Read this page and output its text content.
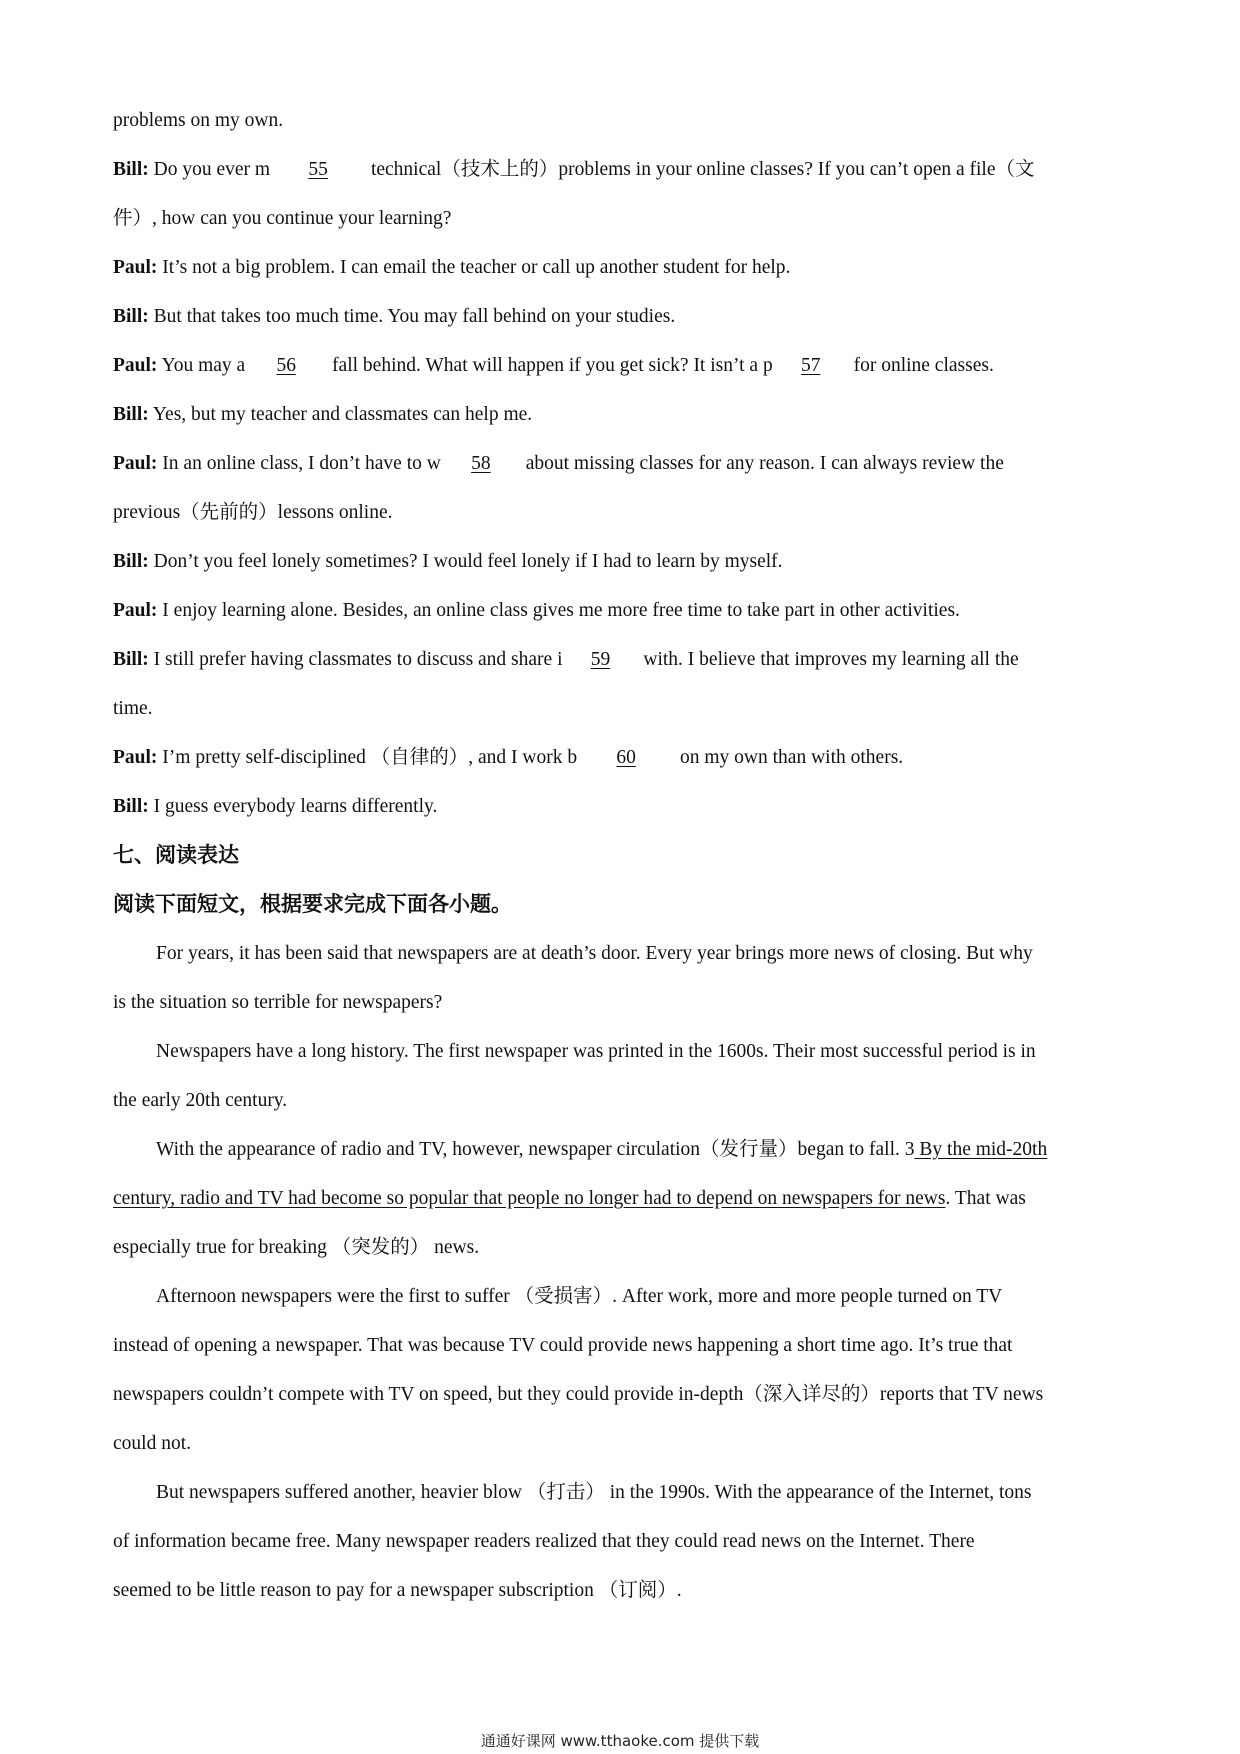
problems on my own.
Bill: Do you ever m 55 technical（技术上的）problems in your online classes? If you can’t open a file（文
件）, how can you continue your learning?
Paul: It’s not a big problem. I can email the teacher or call up another student for help.
Bill: But that takes too much time. You may fall behind on your studies.
Paul: You may a 56 fall behind. What will happen if you get sick? It isn’t a p 57 for online classes.
Bill: Yes, but my teacher and classmates can help me.
Paul: In an online class, I don’t have to w 58 about missing classes for any reason. I can always review the
previous（先前的）lessons online.
Bill: Don’t you feel lonely sometimes? I would feel lonely if I had to learn by myself.
Paul: I enjoy learning alone. Besides, an online class gives me more free time to take part in other activities.
Bill: I still prefer having classmates to discuss and share i 59 with. I believe that improves my learning all the
time.
Paul: I’m pretty self-disciplined （自律的）, and I work b 60 on my own than with others.
Bill: I guess everybody learns differently.
七、阅读表达
阅读下面短文，根据要求完成下面各小题。
For years, it has been said that newspapers are at death’s door. Every year brings more news of closing. But why
is the situation so terrible for newspapers?
Newspapers have a long history. The first newspaper was printed in the 1600s. Their most successful period is in
the early 20th century.
With the appearance of radio and TV, however, newspaper circulation（发行量）began to fall. 3 By the mid-20th
century, radio and TV had become so popular that people no longer had to depend on newspapers for news. That was
especially true for breaking （突发的） news.
Afternoon newspapers were the first to suffer （受损害）. After work, more and more people turned on TV
instead of opening a newspaper. That was because TV could provide news happening a short time ago. It’s true that
newspapers couldn’t compete with TV on speed, but they could provide in-depth（深入详尽的）reports that TV news
could not.
But newspapers suffered another, heavier blow （打击） in the 1990s. With the appearance of the Internet, tons
of information became free. Many newspaper readers realized that they could read news on the Internet. There
seemed to be little reason to pay for a newspaper subscription （订阅）.
通通好课网 www.tthaoke.com 提供下载
